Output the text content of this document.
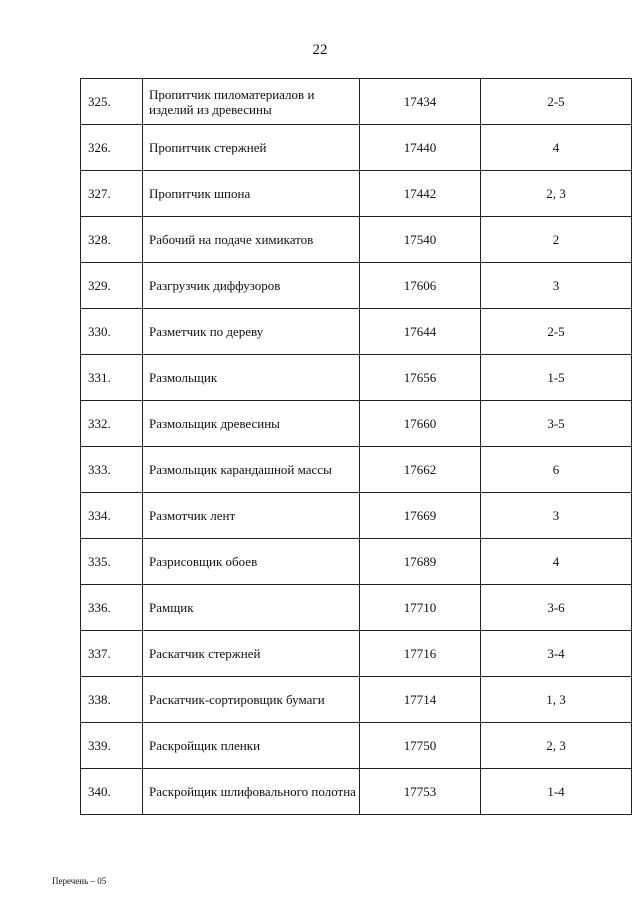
22
325.	Пропитчик пиломатериалов и изделий из древесины	17434	2-5
326.	Пропитчик стержней	17440	4
327.	Пропитчик шпона	17442	2, 3
328.	Рабочий на подаче химикатов	17540	2
329.	Разгрузчик диффузоров	17606	3
330.	Разметчик по дереву	17644	2-5
331.	Размольщик	17656	1-5
332.	Размольщик древесины	17660	3-5
333.	Размольщик карандашной массы	17662	6
334.	Размотчик лент	17669	3
335.	Разрисовщик обоев	17689	4
336.	Рамщик	17710	3-6
337.	Раскатчик стержней	17716	3-4
338.	Раскатчик-сортировщик бумаги	17714	1, 3
339.	Раскройщик пленки	17750	2, 3
340.	Раскройщик шлифовального полотна	17753	1-4
Перечень – 05
